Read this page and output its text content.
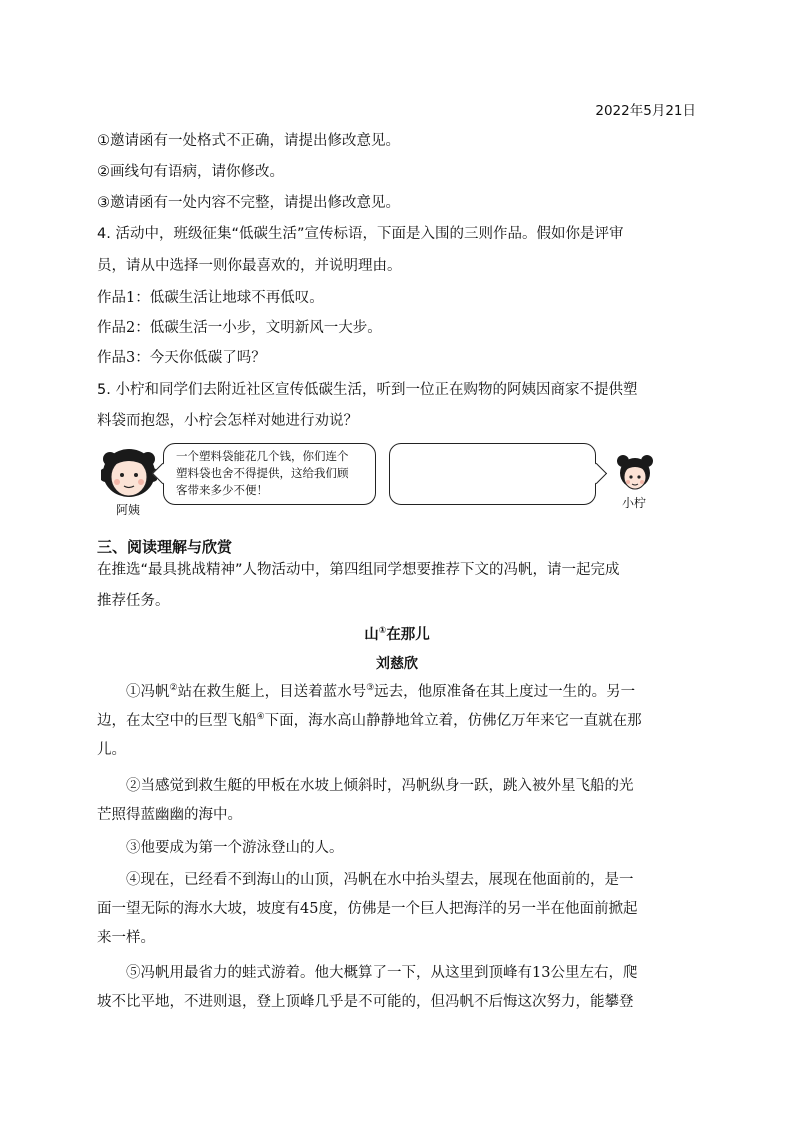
2022年5月21日
①邀请函有一处格式不正确，请提出修改意见。
②画线句有语病，请你修改。
③邀请函有一处内容不完整，请提出修改意见。
4. 活动中，班级征集“低碳生活”宣传标语，下面是入围的三则作品。假如你是评审
员，请从中选择一则你最喜欢的，并说明理由。
作品1：低碳生活让地球不再低叹。
作品2：低碳生活一小步，文明新风一大步。
作品3：今天你低碳了吗？
5. 小柠和同学们去附近社区宣传低碳生活，听到一位正在购物的阿姨因商家不提供塑
料袋而抱怨，小柠会怎样对她进行劝说？
阿姨
一个塑料袋能花几个钱，你们连个
塑料袋也舍不得提供，这给我们顾
客带来多少不便！
小柠
三、阅读理解与欣赏
在推选“最具挑战精神”人物活动中，第四组同学想要推荐下文的冯帆，请一起完成
推荐任务。
山①在那儿
刘慈欣
①冯帆②站在救生艇上，目送着蓝水号③远去，他原准备在其上度过一生的。另一
边，在太空中的巨型飞船④下面，海水高山静静地耸立着，仿佛亿万年来它一直就在那
儿。
②当感觉到救生艇的甲板在水坡上倾斜时，冯帆纵身一跃，跳入被外星飞船的光
芒照得蓝幽幽的海中。
③他要成为第一个游泳登山的人。
④现在，已经看不到海山的山顶，冯帆在水中抬头望去，展现在他面前的，是一
面一望无际的海水大坡，坡度有45度，仿佛是一个巨人把海洋的另一半在他面前掀起
来一样。
⑤冯帆用最省力的蛙式游着。他大概算了一下，从这里到顶峰有13公里左右，爬
坡不比平地，不进则退，登上顶峰几乎是不可能的，但冯帆不后悔这次努力，能攀登
